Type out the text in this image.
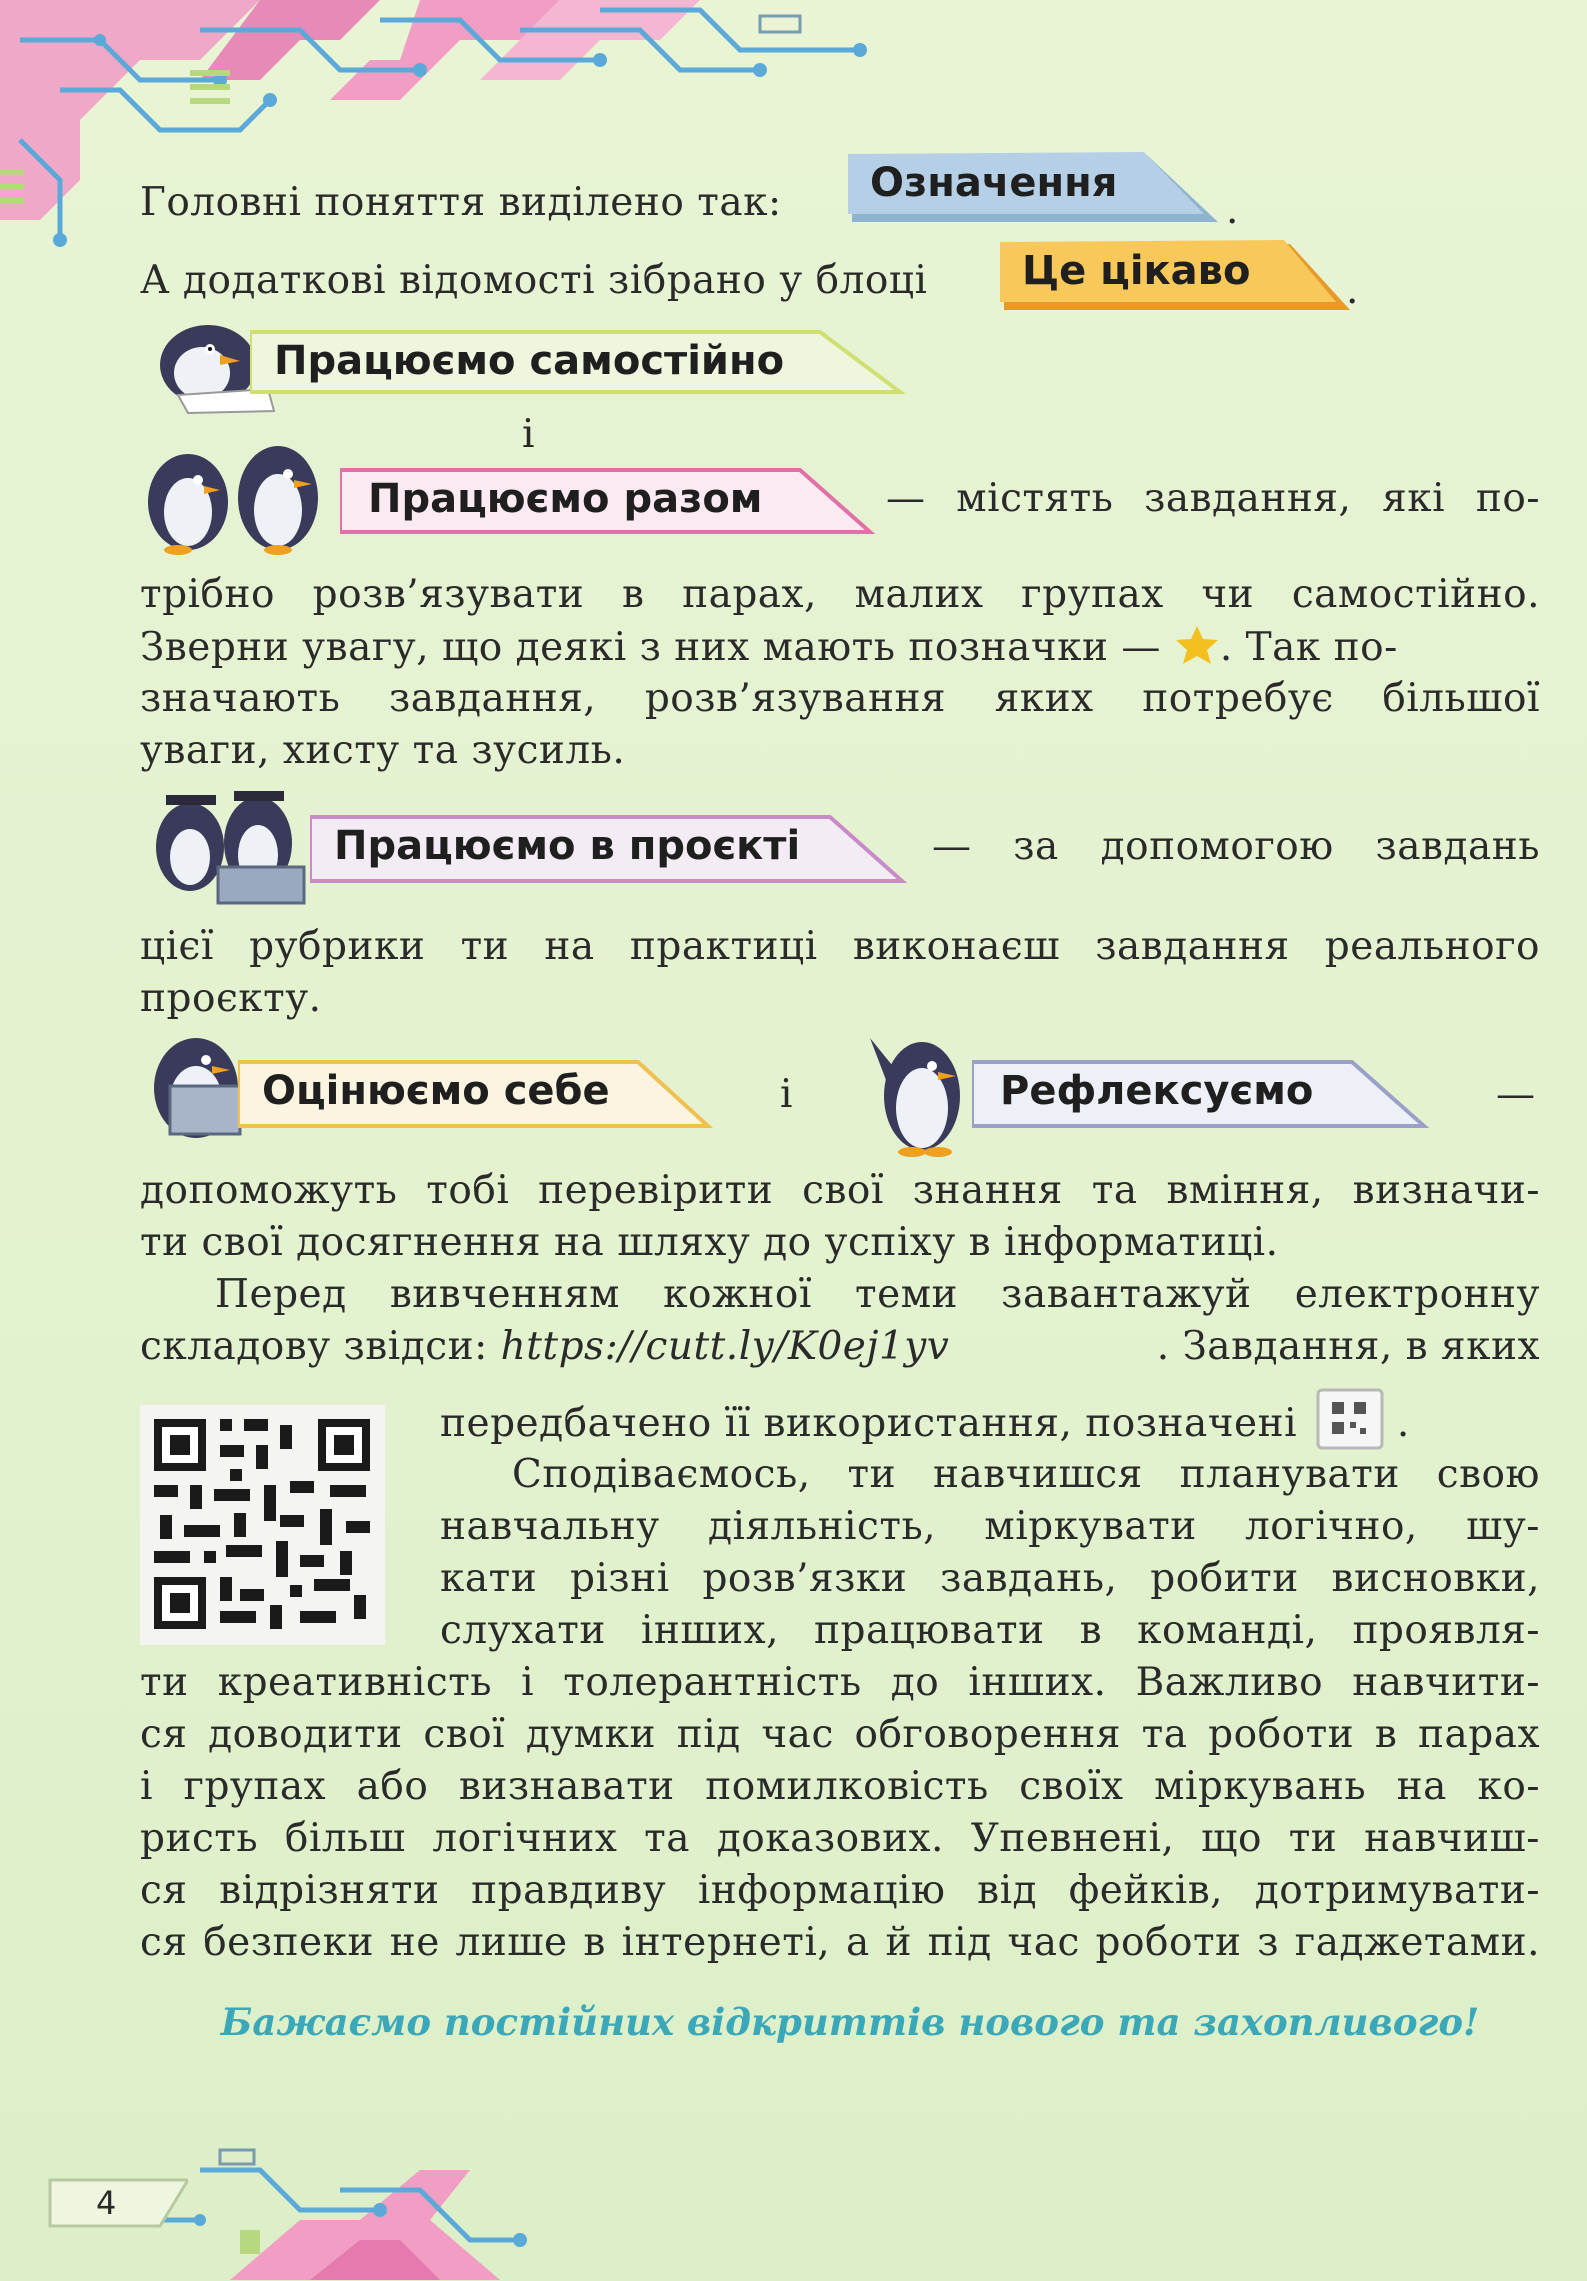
4
Головні поняття виділено так:	Означення
.
А додаткові відомості зібрано у блоці	Це цікаво .
Працюємо самостійно
і
Працюємо разом	— містять завдання, які по-
трібно розв’язувати в парах, малих групах чи самостійно.
Зверни увагу, що деякі з них мають позначки — . Так по-
значають завдання, розв’язування яких потребує більшої
уваги, хисту та зусиль.
Працюємо в проєкті	— за допомогою завдань
цієї рубрики ти на практиці виконаєш завдання реального
проєкту.
Оцінюємо себе	і	Рефлексуємо	—
допоможуть тобі перевірити свої знання та вміння, визначи-
ти свої досягнення на шляху до успіху в інформатиці.
Перед вивченням кожної теми завантажуй електронну
складову звідси: https://cutt.ly/K0ej1yv	. Завдання, в яких
передбачено її використання, позначені	.
Сподіваємось, ти навчишся планувати свою
навчальну діяльність, міркувати логічно, шу-
кати різні розв’язки завдань, робити висновки,
слухати інших, працювати в команді, проявля-
ти креативність і толерантність до інших. Важливо навчити-
ся доводити свої думки під час обговорення та роботи в парах
і групах або визнавати помилковість своїх міркувань на ко-
ристь більш логічних та доказових. Упевнені, що ти навчиш-
ся відрізняти правдиву інформацію від фейків, дотримувати-
ся безпеки не лише в інтернеті, а й під час роботи з гаджетами.
Бажаємо постійних відкриттів нового та захопливого!
